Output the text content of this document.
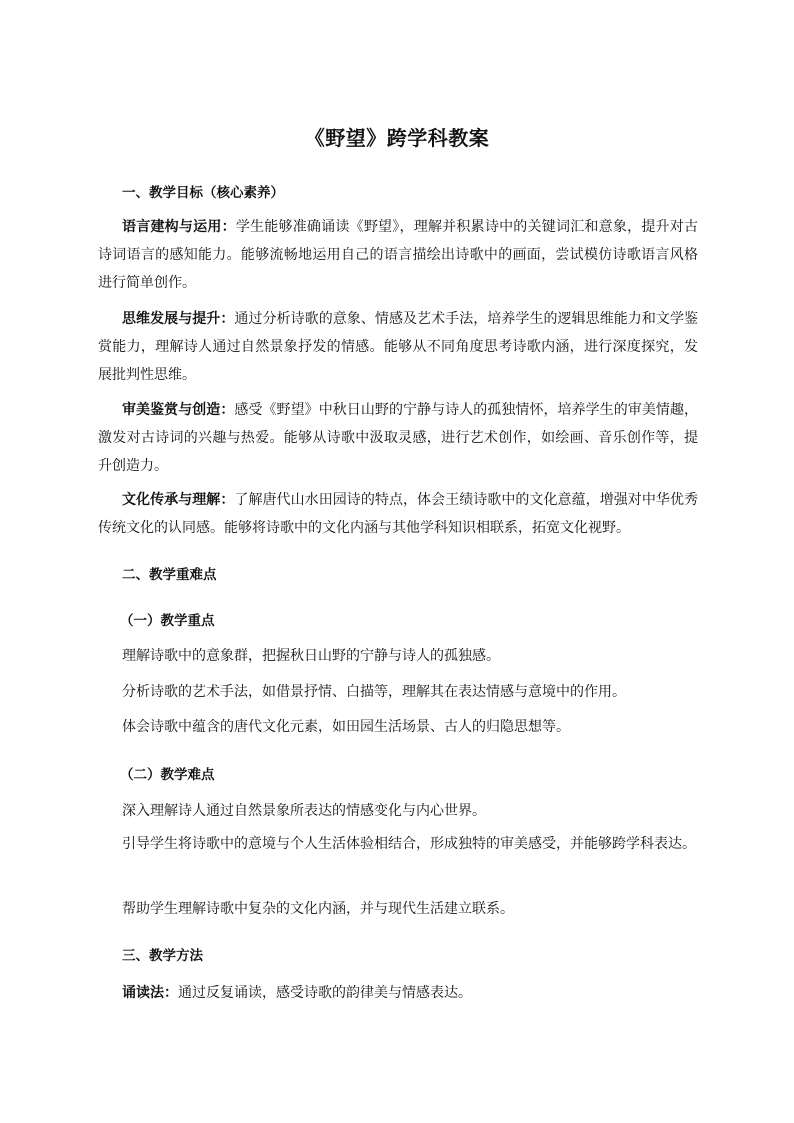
《野望》跨学科教案
一、教学目标（核心素养）

语言建构与运用：学生能够准确诵读《野望》，理解并积累诗中的关键词汇和意象，提升对古诗词语言的感知能力。能够流畅地运用自己的语言描绘出诗歌中的画面，尝试模仿诗歌语言风格进行简单创作。

思维发展与提升：通过分析诗歌的意象、情感及艺术手法，培养学生的逻辑思维能力和文学鉴赏能力，理解诗人通过自然景象抒发的情感。能够从不同角度思考诗歌内涵，进行深度探究，发展批判性思维。

审美鉴赏与创造：感受《野望》中秋日山野的宁静与诗人的孤独情怀，培养学生的审美情趣，激发对古诗词的兴趣与热爱。能够从诗歌中汲取灵感，进行艺术创作，如绘画、音乐创作等，提升创造力。

文化传承与理解：了解唐代山水田园诗的特点，体会王绩诗歌中的文化意蕴，增强对中华优秀传统文化的认同感。能够将诗歌中的文化内涵与其他学科知识相联系，拓宽文化视野。

二、教学重难点
（一）教学重点
理解诗歌中的意象群，把握秋日山野的宁静与诗人的孤独感。
分析诗歌的艺术手法，如借景抒情、白描等，理解其在表达情感与意境中的作用。
体会诗歌中蕴含的唐代文化元素，如田园生活场景、古人的归隐思想等。
（二）教学难点
深入理解诗人通过自然景象所表达的情感变化与内心世界。
引导学生将诗歌中的意境与个人生活体验相结合，形成独特的审美感受，并能够跨学科表达。
帮助学生理解诗歌中复杂的文化内涵，并与现代生活建立联系。
三、教学方法
诵读法：通过反复诵读，感受诗歌的韵律美与情感表达。
